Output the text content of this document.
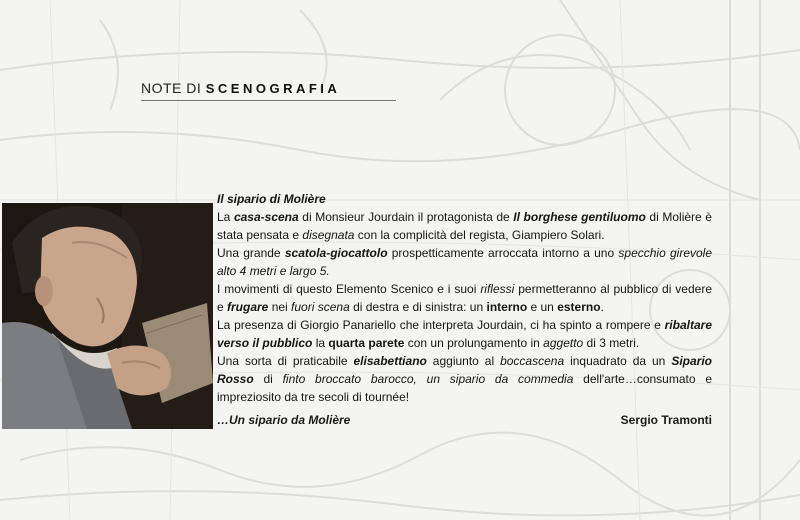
NOTE DI SCENOGRAFIA

Il sipario di Molière

La casa-scena di Monsieur Jourdain il protagonista de Il borghese gentiluomo di Molière è stata pensata e disegnata con la complicità del regista, Giampiero Solari.

Una grande scatola-giocattolo prospetticamente arroccata intorno a uno specchio girevole alto 4 metri e largo 5.

I movimenti di questo Elemento Scenico e i suoi riflessi permetteranno al pubblico di vedere e frugare nei fuori scena di destra e di sinistra: un interno e un esterno.

La presenza di Giorgio Panariello che interpreta Jourdain, ci ha spinto a rompere e ribaltare verso il pubblico la quarta parete con un prolungamento in aggetto di 3 metri.

Una sorta di praticabile elisabettiano aggiunto al boccascena inquadrato da un Sipario Rosso di finto broccato barocco, un sipario da commedia dell'arte…consumato e impreziosito da tre secoli di tournée!

…Un sipario da Molière	Sergio Tramonti
